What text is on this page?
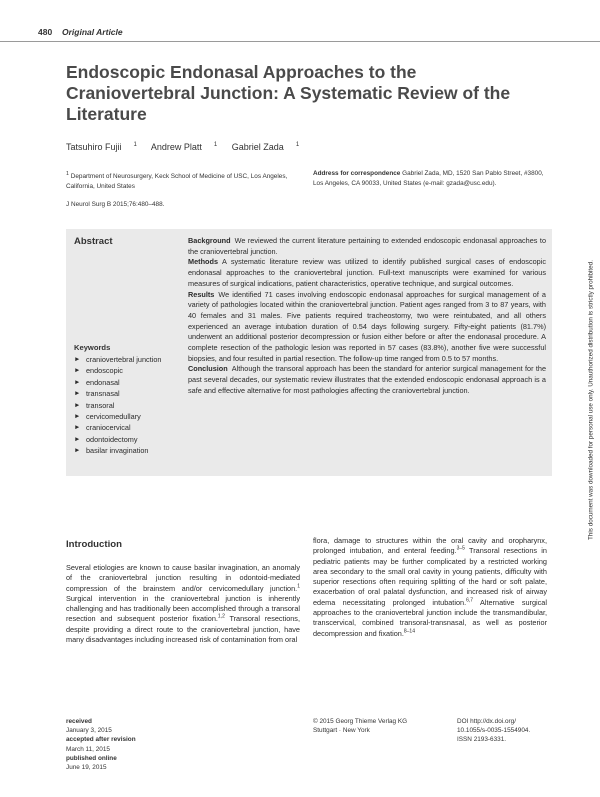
480 Original Article
Endoscopic Endonasal Approaches to the Craniovertebral Junction: A Systematic Review of the Literature
Tatsuhiro Fujii $^1$ Andrew Platt $^1$ Gabriel Zada $^1$
$^1$ Department of Neurosurgery, Keck School of Medicine of USC, Los Angeles, California, United States
Address for correspondence Gabriel Zada, MD, 1520 San Pablo Street, #3800, Los Angeles, CA 90033, United States (e-mail: gzada@usc.edu).
J Neurol Surg B 2015;76:480–488.
Abstract	Background We reviewed the current literature pertaining to extended endoscopic endonasal approaches to the craniovertebral junction.

Methods A systematic literature review was utilized to identify published surgical cases of endoscopic endonasal approaches to the craniovertebral junction. Full-text manuscripts were examined for various measures of surgical indications, patient characteristics, operative technique, and surgical outcomes.

Results We identified 71 cases involving endoscopic endonasal approaches for surgical management of a variety of pathologies located within the craniovertebral junction. Patient ages ranged from 3 to 87 years, with 40 females and 31 males. Five patients required tracheostomy, two were reintubated, and all others experienced an average intubation duration of 0.54 days following surgery. Fifty-eight patients (81.7%) underwent an additional posterior decompression or fusion either before or after the endonasal procedure. A complete resection of the pathologic lesion was reported in 57 cases (83.8%), another five were successful biopsies, and four resulted in partial resection. The follow-up time ranged from 0.5 to 57 months.

Conclusion Although the transoral approach has been the standard for anterior surgical management for the past several decades, our systematic review illustrates that the extended endoscopic endonasal approach is a safe and effective alternative for most pathologies affecting the craniovertebral junction.

Keywords
► craniovertebral junction
► endoscopic
► endonasal
► transnasal
► transoral
► cervicomedullary
► craniocervical
► odontoidectomy
► basilar invagination	This document was downloaded for personal use only. Unauthorized distribution is strictly prohibited.
Introduction
Several etiologies are known to cause basilar invagination, an anomaly of the craniovertebral junction resulting in odontoid-mediated compression of the brainstem and/or cervicomedullary junction.$^1$ Surgical intervention in the craniovertebral junction is inherently challenging and has traditionally been accomplished through a transoral resection and subsequent posterior fixation.$^{1,2}$ Transoral resections, despite providing a direct route to the craniovertebral junction, have many disadvantages including increased risk of contamination from oral
flora, damage to structures within the oral cavity and oropharynx, prolonged intubation, and enteral feeding.$^{3-5}$ Transoral resections in pediatric patients may be further complicated by a restricted working area secondary to the small oral cavity in young patients, difficulty with superior resections often requiring splitting of the hard or soft palate, exacerbation of oral palatal dysfunction, and increased risk of airway edema necessitating prolonged intubation.$^{6,7}$ Alternative surgical approaches to the craniovertebral junction include the transmandibular, transcervical, combined transoral-transnasal, as well as posterior decompression and fixation.$^{8-14}$
received
January 3, 2015
accepted after revision
March 11, 2015
published online
June 19, 2015
© 2015 Georg Thieme Verlag KG
Stuttgart · New York
DOI http://dx.doi.org/
10.1055/s-0035-1554904.
ISSN 2193-6331.
